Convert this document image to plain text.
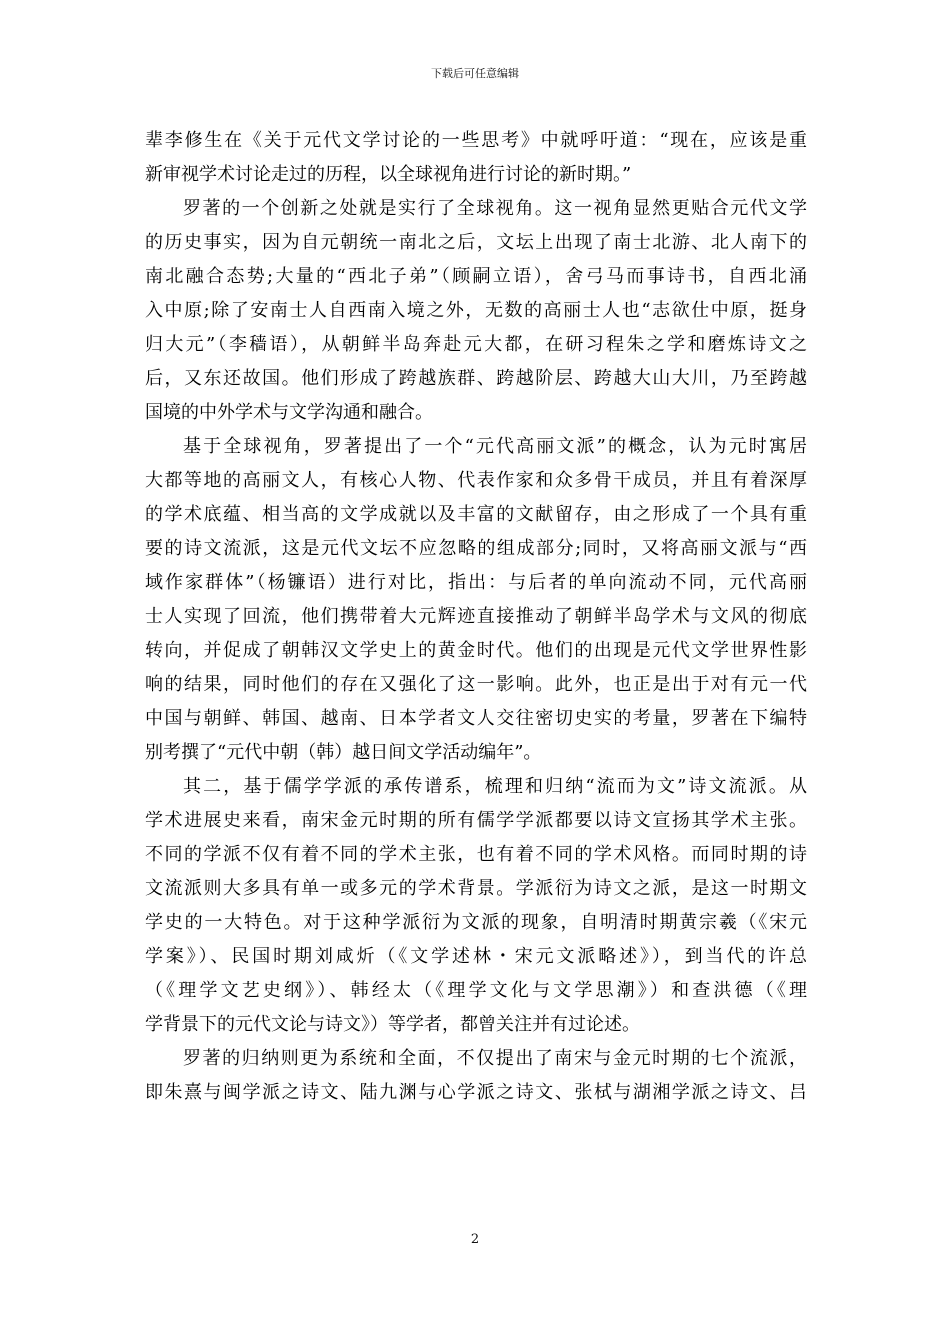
下载后可任意编辑
辈李修生在《关于元代文学讨论的一些思考》中就呼吁道：“现在，应该是重
新审视学术讨论走过的历程，以全球视角进行讨论的新时期。”
罗著的一个创新之处就是实行了全球视角。这一视角显然更贴合元代文学
的历史事实，因为自元朝统一南北之后，文坛上出现了南士北游、北人南下的
南北融合态势;大量的“西北子弟”（顾嗣立语），舍弓马而事诗书，自西北涌
入中原;除了安南士人自西南入境之外，无数的高丽士人也“志欲仕中原，挺身
归大元”（李穑语），从朝鲜半岛奔赴元大都，在研习程朱之学和磨炼诗文之
后，又东还故国。他们形成了跨越族群、跨越阶层、跨越大山大川，乃至跨越
国境的中外学术与文学沟通和融合。
基于全球视角，罗著提出了一个“元代高丽文派”的概念，认为元时寓居
大都等地的高丽文人，有核心人物、代表作家和众多骨干成员，并且有着深厚
的学术底蕴、相当高的文学成就以及丰富的文献留存，由之形成了一个具有重
要的诗文流派，这是元代文坛不应忽略的组成部分;同时，又将高丽文派与“西
域作家群体”（杨镰语）进行对比，指出：与后者的单向流动不同，元代高丽
士人实现了回流，他们携带着大元辉迹直接推动了朝鲜半岛学术与文风的彻底
转向，并促成了朝韩汉文学史上的黄金时代。他们的出现是元代文学世界性影
响的结果，同时他们的存在又强化了这一影响。此外，也正是出于对有元一代
中国与朝鲜、韩国、越南、日本学者文人交往密切史实的考量，罗著在下编特
别考撰了“元代中朝（韩）越日间文学活动编年”。
其二，基于儒学学派的承传谱系，梳理和归纳“流而为文”诗文流派。从
学术进展史来看，南宋金元时期的所有儒学学派都要以诗文宣扬其学术主张。
不同的学派不仅有着不同的学术主张，也有着不同的学术风格。而同时期的诗
文流派则大多具有单一或多元的学术背景。学派衍为诗文之派，是这一时期文
学史的一大特色。对于这种学派衍为文派的现象，自明清时期黄宗羲（《宋元
学案》）、民国时期刘咸炘（《文学述林・宋元文派略述》），到当代的许总
（《理学文艺史纲》）、韩经太（《理学文化与文学思潮》）和查洪德（《理
学背景下的元代文论与诗文》）等学者，都曾关注并有过论述。
罗著的归纳则更为系统和全面，不仅提出了南宋与金元时期的七个流派，
即朱熹与闽学派之诗文、陆九渊与心学派之诗文、张栻与湖湘学派之诗文、吕
2
